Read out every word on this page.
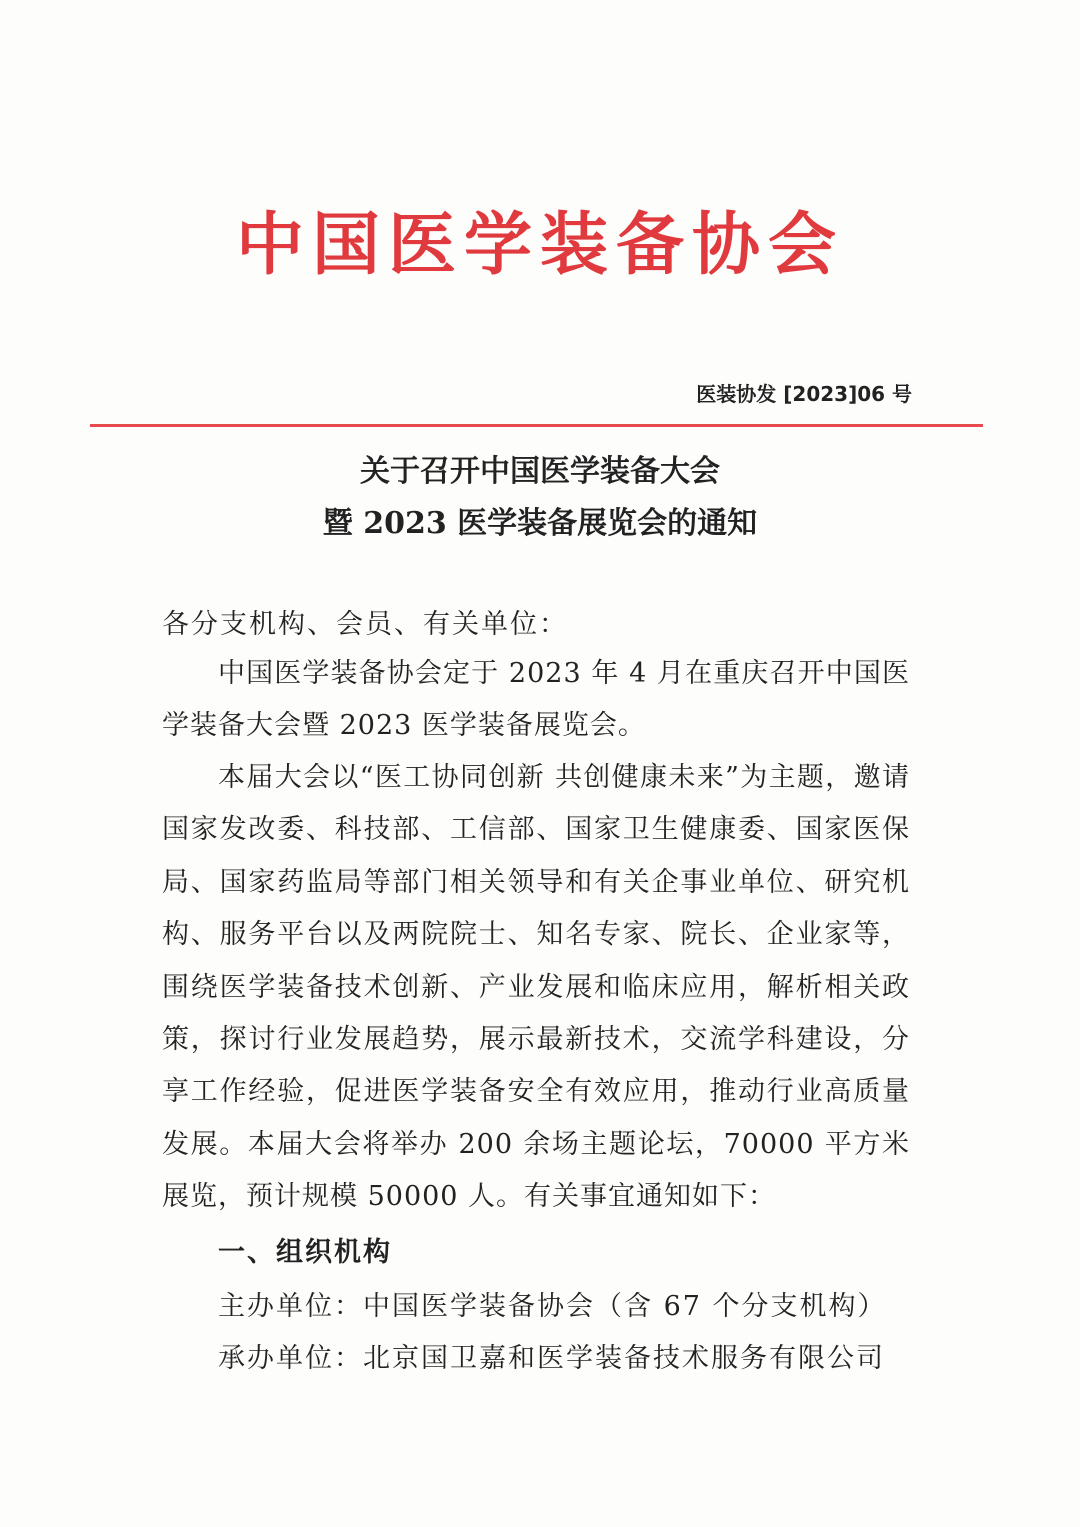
中国医学装备协会
医装协发 [2023]06 号
关于召开中国医学装备大会
暨 2023 医学装备展览会的通知
各分支机构、会员、有关单位：
中国医学装备协会定于 2023 年 4 月在重庆召开中国医学装备大会暨 2023 医学装备展览会。
本届大会以“医工协同创新 共创健康未来”为主题，邀请国家发改委、科技部、工信部、国家卫生健康委、国家医保局、国家药监局等部门相关领导和有关企事业单位、研究机构、服务平台以及两院院士、知名专家、院长、企业家等，围绕医学装备技术创新、产业发展和临床应用，解析相关政策，探讨行业发展趋势，展示最新技术，交流学科建设，分享工作经验，促进医学装备安全有效应用，推动行业高质量发展。本届大会将举办 200 余场主题论坛，70000 平方米展览，预计规模 50000 人。有关事宜通知如下：
一、组织机构
主办单位：中国医学装备协会（含 67 个分支机构）
承办单位：北京国卫嘉和医学装备技术服务有限公司
